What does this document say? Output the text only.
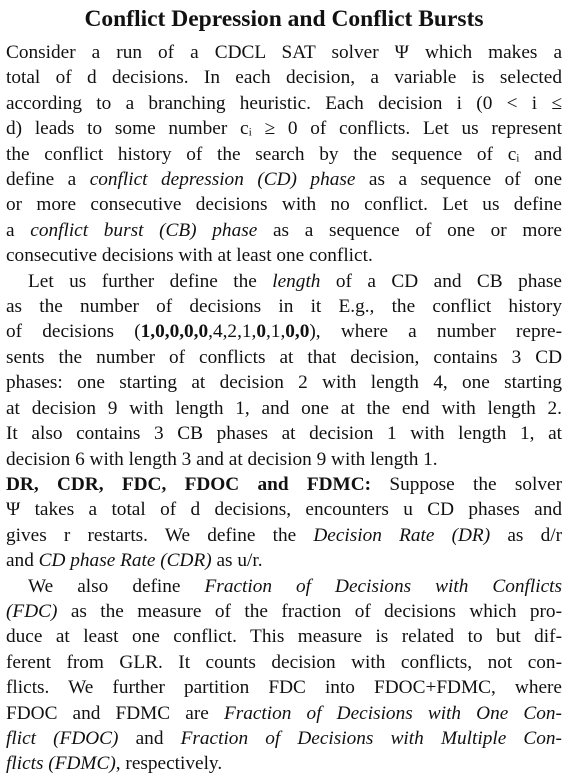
Conflict Depression and Conflict Bursts
Consider a run of a CDCL SAT solver Ψ which makes a
total of d decisions. In each decision, a variable is selected
according to a branching heuristic. Each decision i (0 < i ≤
d) leads to some number cᵢ ≥ 0 of conflicts. Let us represent
the conflict history of the search by the sequence of cᵢ and
define a conflict depression (CD) phase as a sequence of one
or more consecutive decisions with no conflict. Let us define
a conflict burst (CB) phase as a sequence of one or more
consecutive decisions with at least one conflict.
Let us further define the length of a CD and CB phase
as the number of decisions in it E.g., the conflict history
of decisions (1,0,0,0,0,4,2,1,0,1,0,0), where a number repre-
sents the number of conflicts at that decision, contains 3 CD
phases: one starting at decision 2 with length 4, one starting
at decision 9 with length 1, and one at the end with length 2.
It also contains 3 CB phases at decision 1 with length 1, at
decision 6 with length 3 and at decision 9 with length 1.
DR, CDR, FDC, FDOC and FDMC: Suppose the solver
Ψ takes a total of d decisions, encounters u CD phases and
gives r restarts. We define the Decision Rate (DR) as d/r
and CD phase Rate (CDR) as u/r.
We also define Fraction of Decisions with Conflicts
(FDC) as the measure of the fraction of decisions which pro-
duce at least one conflict. This measure is related to but dif-
ferent from GLR. It counts decision with conflicts, not con-
flicts. We further partition FDC into FDOC+FDMC, where
FDOC and FDMC are Fraction of Decisions with One Con-
flict (FDOC) and Fraction of Decisions with Multiple Con-
flicts (FDMC), respectively.
